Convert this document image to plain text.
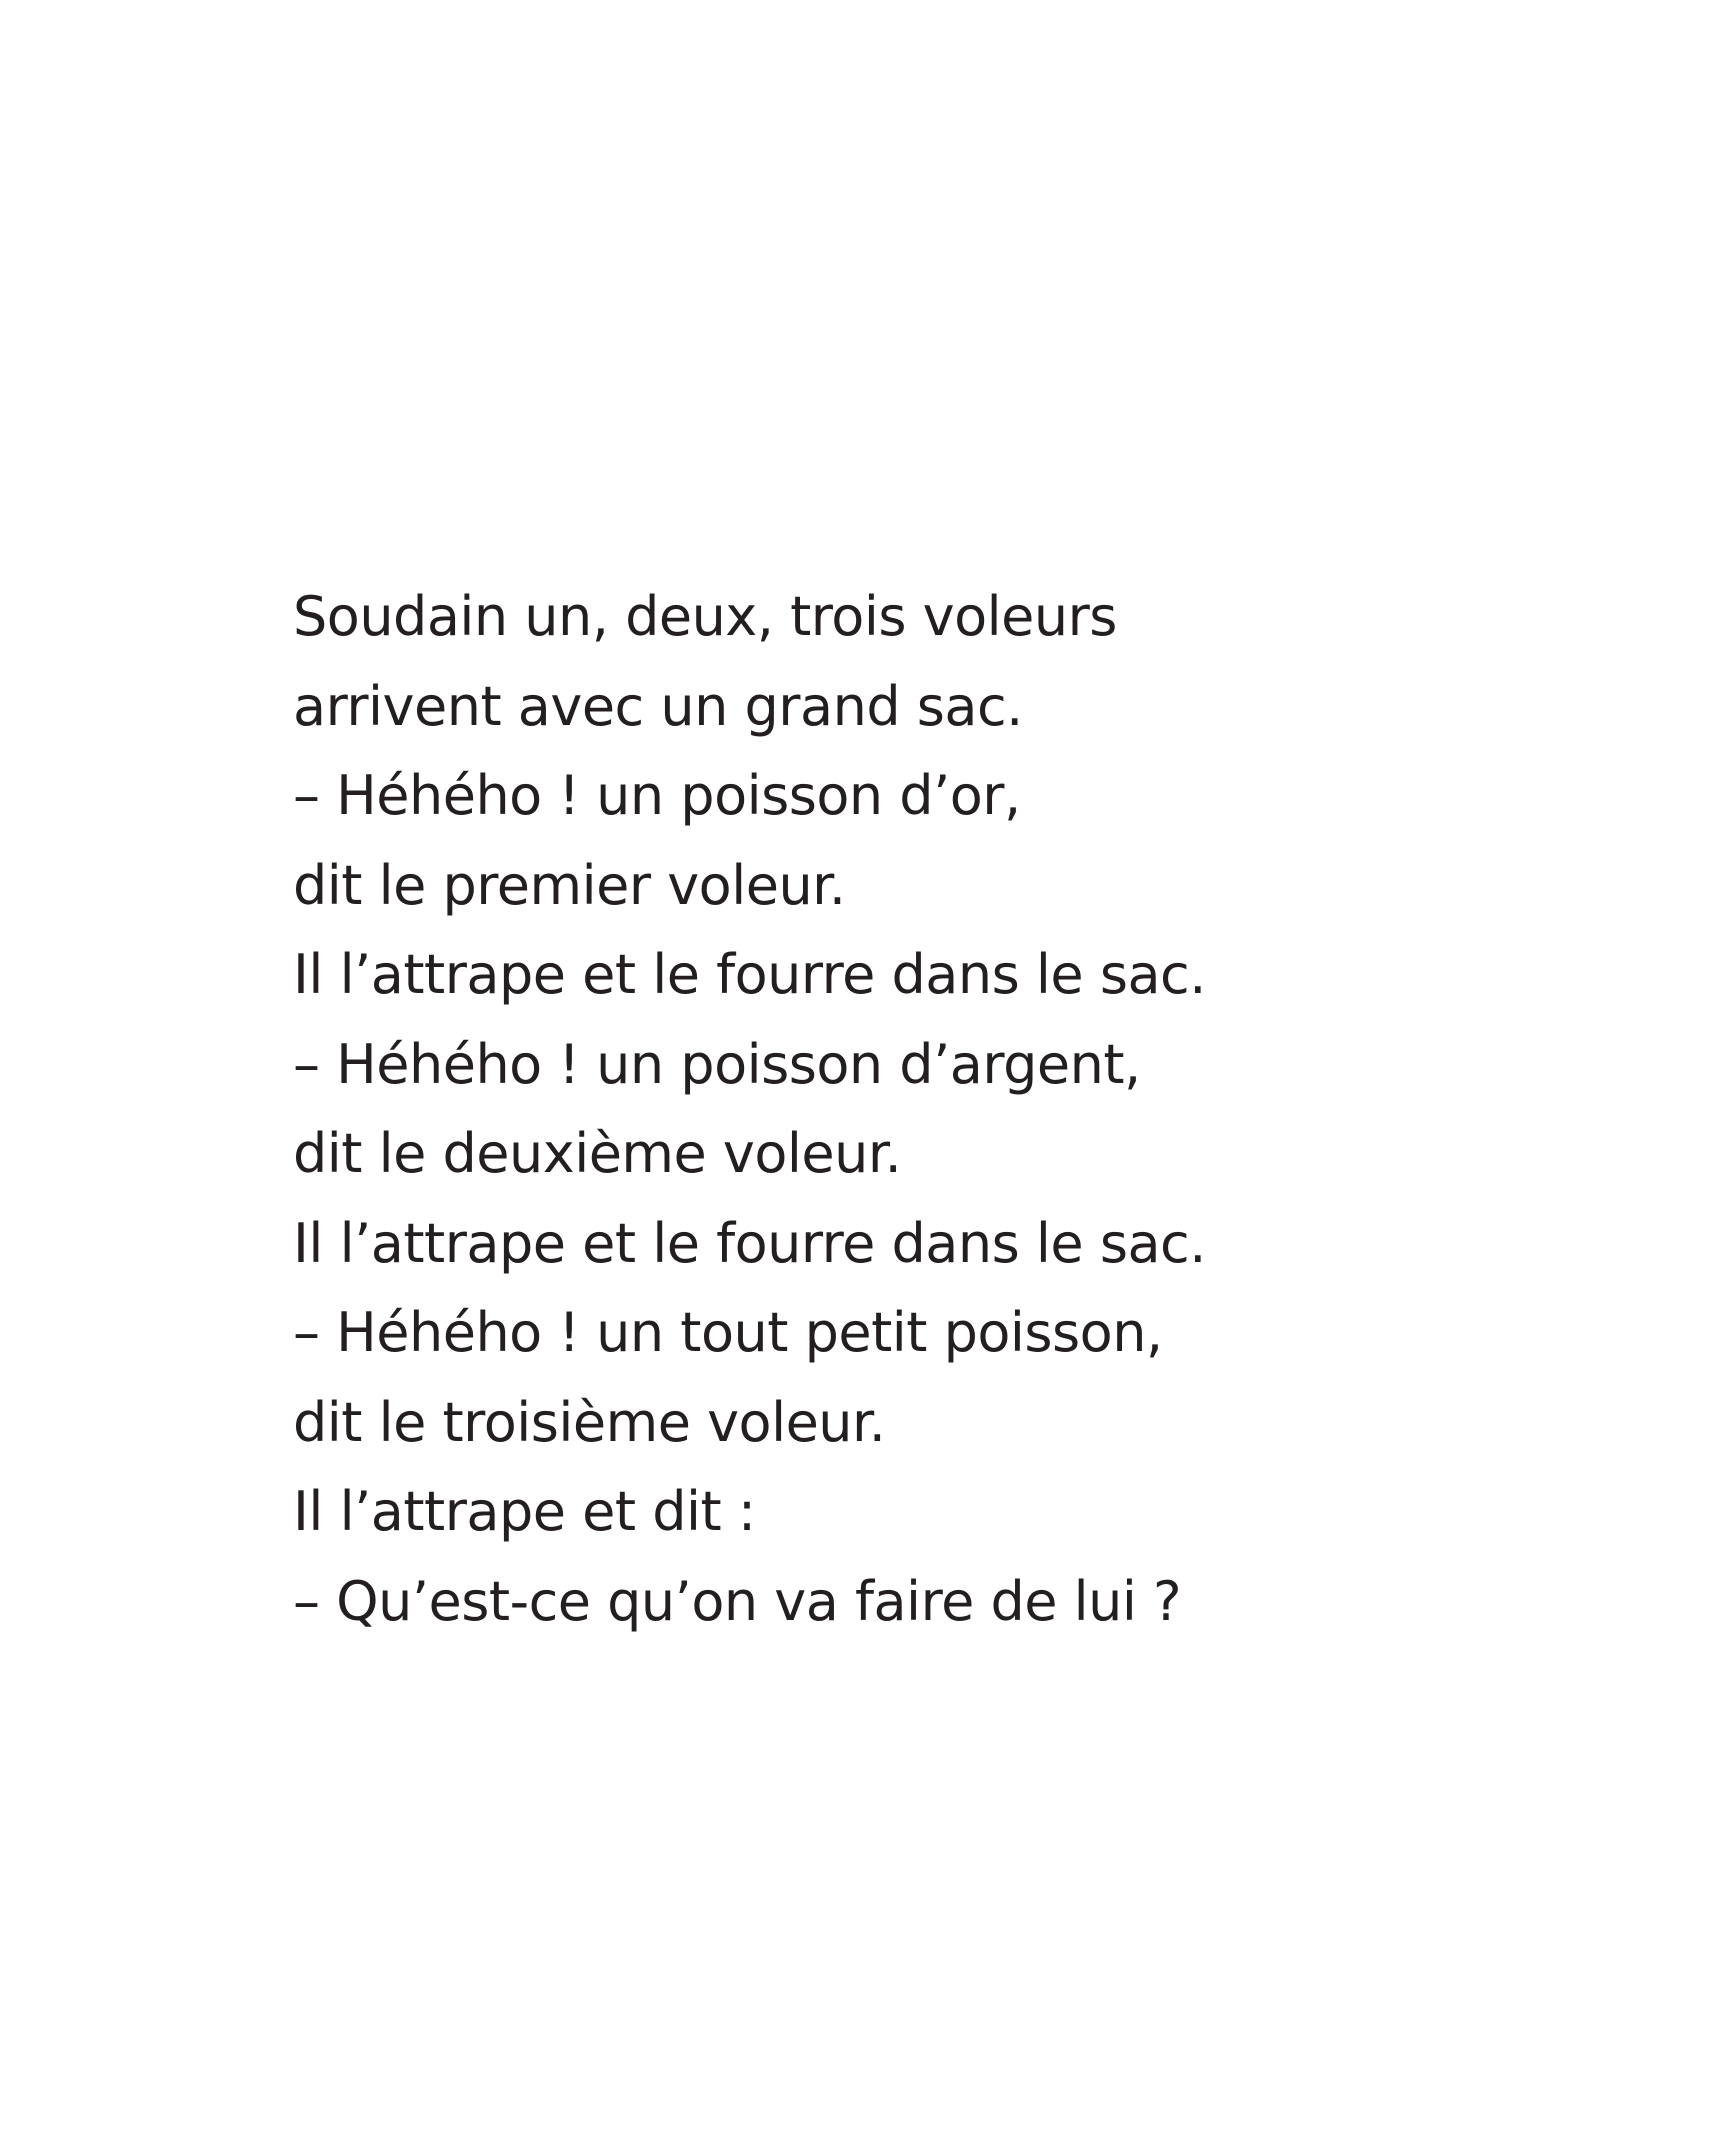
Soudain un, deux, trois voleurs
arrivent avec un grand sac.
– Héhého ! un poisson d’or,
dit le premier voleur.
Il l’attrape et le fourre dans le sac.
– Héhého ! un poisson d’argent,
dit le deuxième voleur.
Il l’attrape et le fourre dans le sac.
– Héhého ! un tout petit poisson,
dit le troisième voleur.
Il l’attrape et dit :
– Qu’est-ce qu’on va faire de lui ?
